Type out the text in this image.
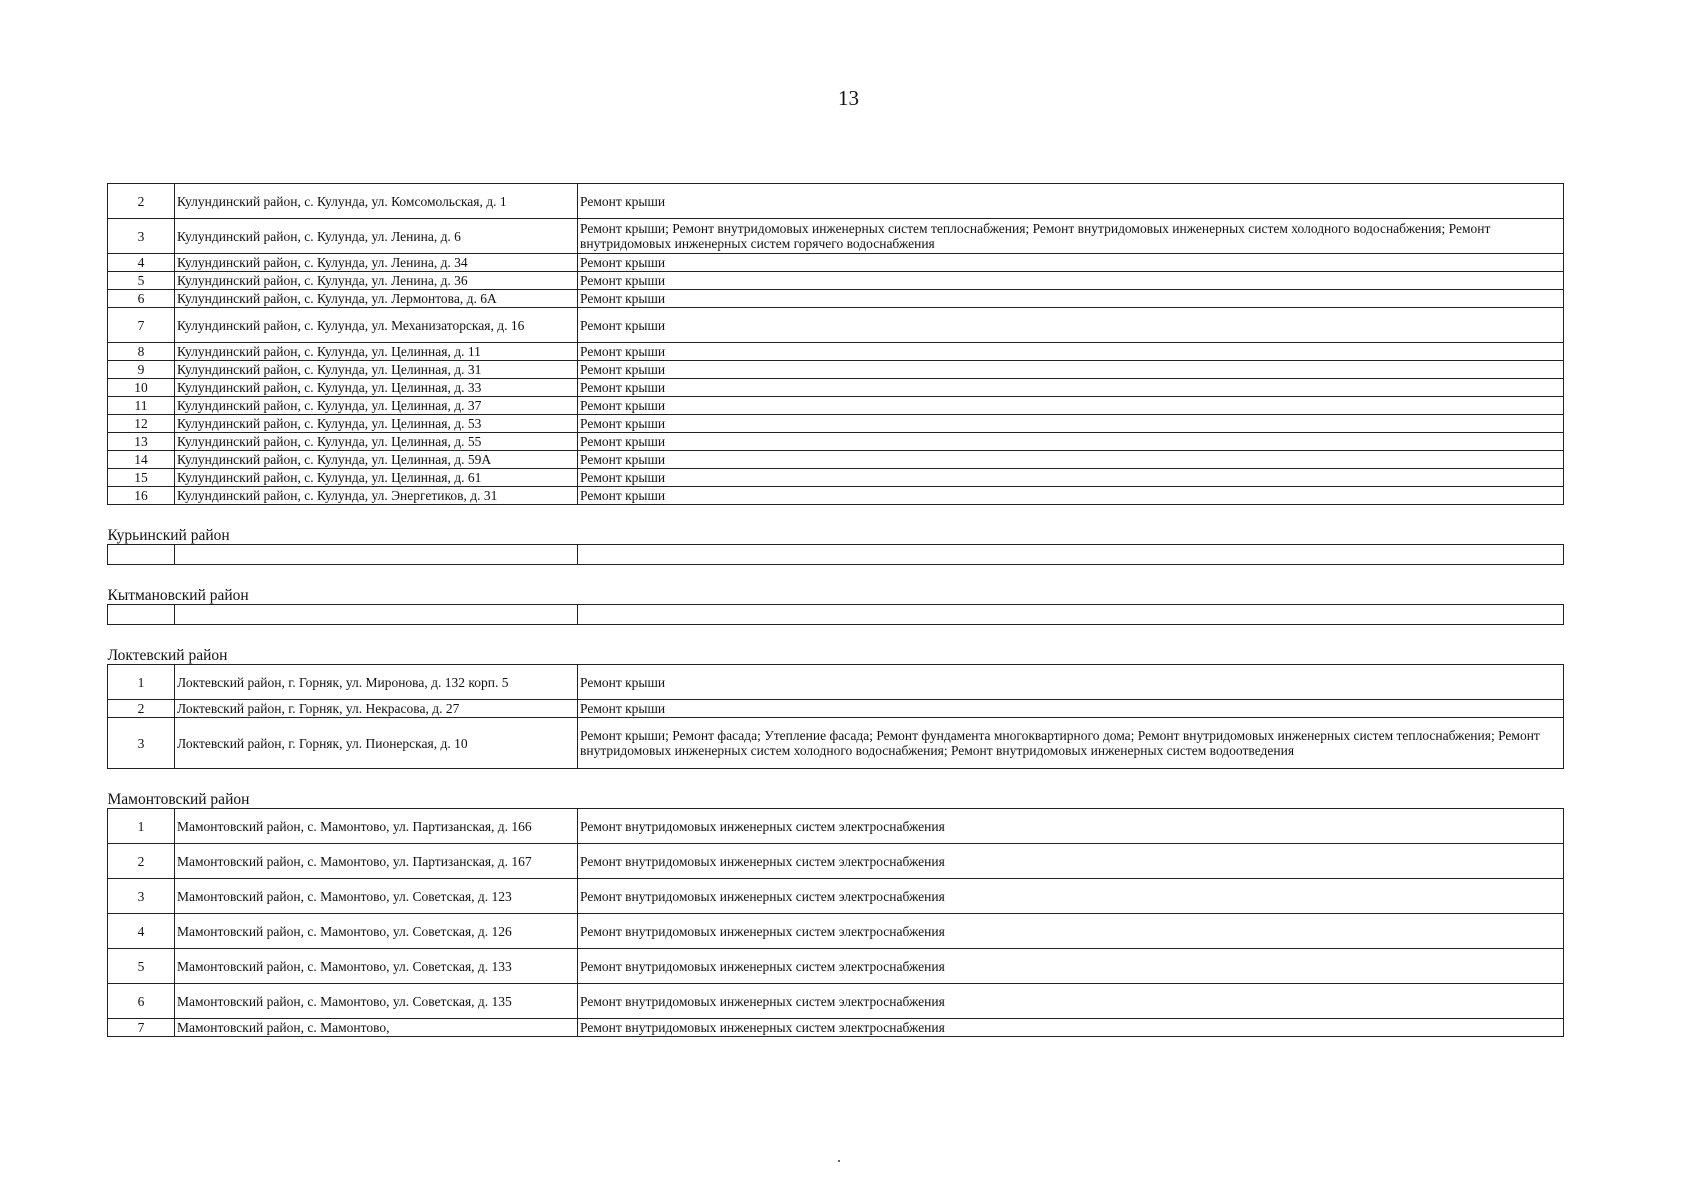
13
2	Кулундинский район, с. Кулунда, ул. Комсомольская, д. 1	Ремонт крыши
3	Кулундинский район, с. Кулунда, ул. Ленина, д. 6	Ремонт крыши; Ремонт внутридомовых инженерных систем теплоснабжения; Ремонт внутридомовых инженерных систем холодного водоснабжения; Ремонт внутридомовых инженерных систем горячего водоснабжения
4	Кулундинский район, с. Кулунда, ул. Ленина, д. 34	Ремонт крыши
5	Кулундинский район, с. Кулунда, ул. Ленина, д. 36	Ремонт крыши
6	Кулундинский район, с. Кулунда, ул. Лермонтова, д. 6А	Ремонт крыши
7	Кулундинский район, с. Кулунда, ул. Механизаторская, д. 16	Ремонт крыши
8	Кулундинский район, с. Кулунда, ул. Целинная, д. 11	Ремонт крыши
9	Кулундинский район, с. Кулунда, ул. Целинная, д. 31	Ремонт крыши
10	Кулундинский район, с. Кулунда, ул. Целинная, д. 33	Ремонт крыши
11	Кулундинский район, с. Кулунда, ул. Целинная, д. 37	Ремонт крыши
12	Кулундинский район, с. Кулунда, ул. Целинная, д. 53	Ремонт крыши
13	Кулундинский район, с. Кулунда, ул. Целинная, д. 55	Ремонт крыши
14	Кулундинский район, с. Кулунда, ул. Целинная, д. 59А	Ремонт крыши
15	Кулундинский район, с. Кулунда, ул. Целинная, д. 61	Ремонт крыши
16	Кулундинский район, с. Кулунда, ул. Энергетиков, д. 31	Ремонт крыши
Курьинский район		

Кытмановский район		

Локтевский район		
1	Локтевский район, г. Горняк, ул. Миронова, д. 132 корп. 5	Ремонт крыши
2	Локтевский район, г. Горняк, ул. Некрасова, д. 27	Ремонт крыши
3	Локтевский район, г. Горняк, ул. Пионерская, д. 10	Ремонт крыши; Ремонт фасада; Утепление фасада; Ремонт фундамента многоквартирного дома; Ремонт внутридомовых инженерных систем теплоснабжения; Ремонт внутридомовых инженерных систем холодного водоснабжения; Ремонт внутридомовых инженерных систем водоотведения
Мамонтовский район		
1	Мамонтовский район, с. Мамонтово, ул. Партизанская, д. 166	Ремонт внутридомовых инженерных систем электроснабжения
2	Мамонтовский район, с. Мамонтово, ул. Партизанская, д. 167	Ремонт внутридомовых инженерных систем электроснабжения
3	Мамонтовский район, с. Мамонтово, ул. Советская, д. 123	Ремонт внутридомовых инженерных систем электроснабжения
4	Мамонтовский район, с. Мамонтово, ул. Советская, д. 126	Ремонт внутридомовых инженерных систем электроснабжения
5	Мамонтовский район, с. Мамонтово, ул. Советская, д. 133	Ремонт внутридомовых инженерных систем электроснабжения
6	Мамонтовский район, с. Мамонтово, ул. Советская, д. 135	Ремонт внутридомовых инженерных систем электроснабжения
7	Мамонтовский район, с. Мамонтово,	Ремонт внутридомовых инженерных систем электроснабжения
